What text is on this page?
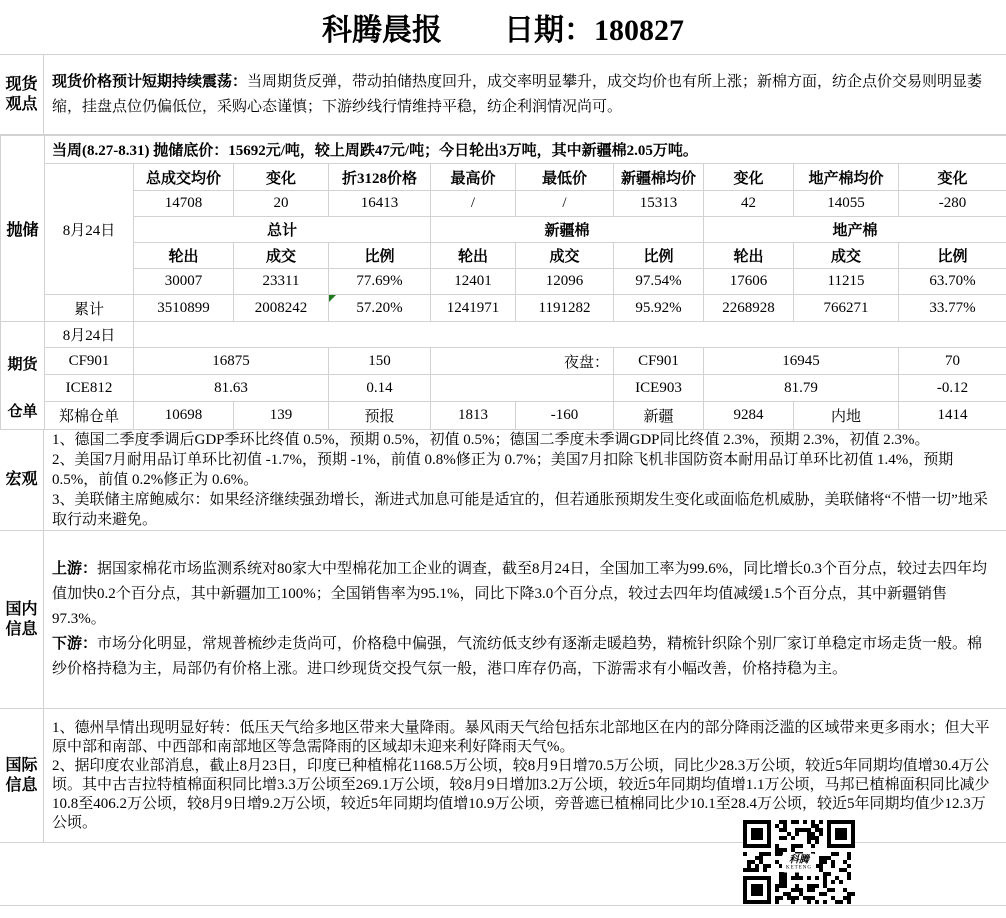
科腾晨报 日期：180827
现货观点

现货价格预计短期持续震荡：当周期货反弹，带动拍储热度回升，成交率明显攀升，成交均价也有所上涨；新棉方面，纺企点价交易则明显萎缩，挂盘点位仍偏低位，采购心态谨慎；下游纱线行情维持平稳，纺企利润情况尚可。

抛储	当周(8.27-8.31) 抛储底价：15692元/吨，较上周跌47元/吨；今日轮出3万吨，其中新疆棉2.05万吨。									
	8月24日	总成交均价	变化	折3128价格	最高价	最低价	新疆棉均价	变化	地产棉均价	变化
		14708	20	16413	/	/	15313	42	14055	-280
		总计			新疆棉			地产棉		
		轮出	成交	比例	轮出	成交	比例	轮出	成交	比例
		30007	23311	77.69%	12401	12096	97.54%	17606	11215	63.70%
	累计	3510899	2008242	57.20%	1241971	1191282	95.92%	2268928	766271	33.77%

期货
仓单	8月24日									
	CF901	16875		150	夜盘：		CF901	16945		70
	ICE812	81.63		0.14			ICE903	81.79		-0.12
	郑棉仓单	10698	139	预报	1813	-160	新疆	9284	内地	1414
宏观

1、德国二季度季调后GDP季环比终值 0.5%，预期 0.5%，初值 0.5%；德国二季度未季调GDP同比终值 2.3%，预期 2.3%，初值 2.3%。

2、美国7月耐用品订单环比初值 -1.7%，预期 -1%，前值 0.8%修正为 0.7%；美国7月扣除飞机非国防资本耐用品订单环比初值 1.4%，预期 0.5%，前值 0.2%修正为 0.6%。

3、美联储主席鲍威尔：如果经济继续强劲增长，渐进式加息可能是适宜的，但若通胀预期发生变化或面临危机威胁，美联储将“不惜一切”地采取行动来避免。

国内信息

上游：据国家棉花市场监测系统对80家大中型棉花加工企业的调查，截至8月24日，全国加工率为99.6%，同比增长0.3个百分点，较过去四年均值加快0.2个百分点，其中新疆加工100%；全国销售率为95.1%，同比下降3.0个百分点，较过去四年均值减缓1.5个百分点，其中新疆销售97.3%。

下游：市场分化明显，常规普梳纱走货尚可，价格稳中偏强，气流纺低支纱有逐渐走暖趋势，精梳针织除个别厂家订单稳定市场走货一般。棉纱价格持稳为主，局部仍有价格上涨。进口纱现货交投气氛一般，港口库存仍高，下游需求有小幅改善，价格持稳为主。

国际信息

1、德州旱情出现明显好转：低压天气给多地区带来大量降雨。暴风雨天气给包括东北部地区在内的部分降雨泛滥的区域带来更多雨水；但大平原中部和南部、中西部和南部地区等急需降雨的区域却未迎来利好降雨天气%。

2、据印度农业部消息，截止8月23日，印度已种植棉花1168.5万公顷，较8月9日增70.5万公顷，同比少28.3万公顷，较近5年同期均值增30.4万公顷。其中古吉拉特植棉面积同比增3.3万公顷至269.1万公顷，较8月9日增加3.2万公顷，较近5年同期均值增1.1万公顷，马邦已植棉面积同比减少10.8至406.2万公顷，较8月9日增9.2万公顷，较近5年同期均值增10.9万公顷，旁普遮已植棉同比少10.1至28.4万公顷，较近5年同期均值少12.3万公顷。

科腾
KETENG
